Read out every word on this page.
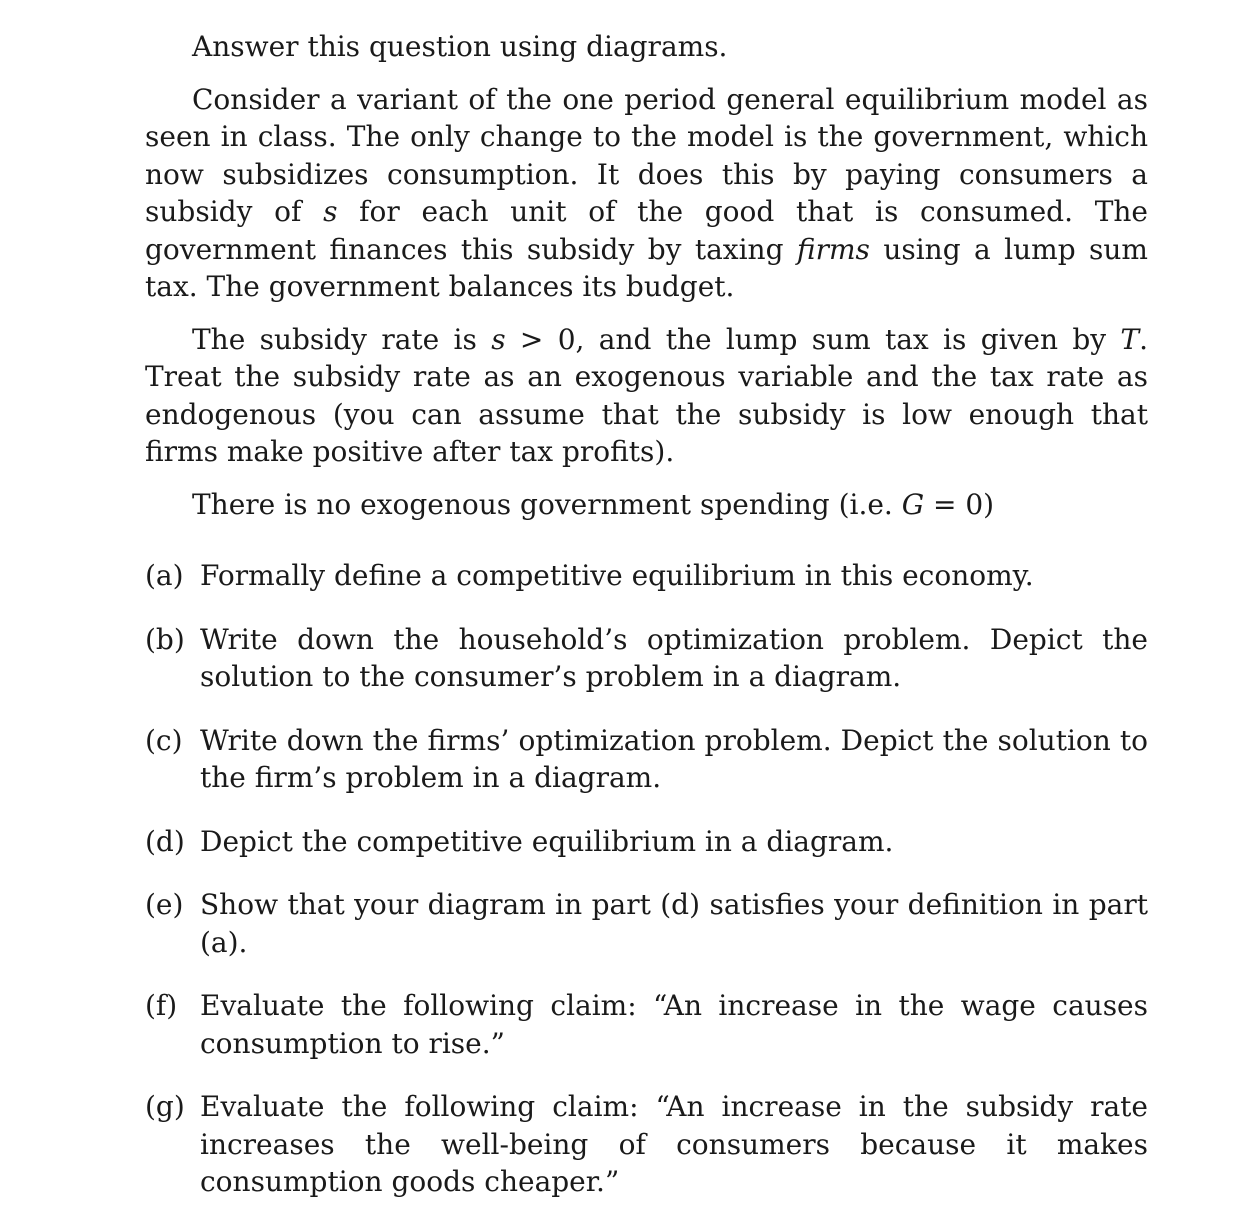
Answer this question using diagrams.

Consider a variant of the one period general equilibrium model as seen in class. The only change to the model is the government, which now subsidizes consumption. It does this by paying consumers a subsidy of s for each unit of the good that is consumed. The government finances this subsidy by taxing firms using a lump sum tax. The government balances its budget.

The subsidy rate is s > 0, and the lump sum tax is given by T. Treat the subsidy rate as an exogenous variable and the tax rate as endogenous (you can assume that the subsidy is low enough that firms make positive after tax profits).

There is no exogenous government spending (i.e. G = 0)

(a) Formally define a competitive equilibrium in this economy.
(b) Write down the household’s optimization problem. Depict the solution to the consumer’s problem in a diagram.
(c) Write down the firms’ optimization problem. Depict the solution to the firm’s problem in a diagram.
(d) Depict the competitive equilibrium in a diagram.
(e) Show that your diagram in part (d) satisfies your definition in part (a).
(f) Evaluate the following claim: “An increase in the wage causes consumption to rise.”
(g) Evaluate the following claim: “An increase in the subsidy rate increases the well-being of consumers because it makes consumption goods cheaper.”
